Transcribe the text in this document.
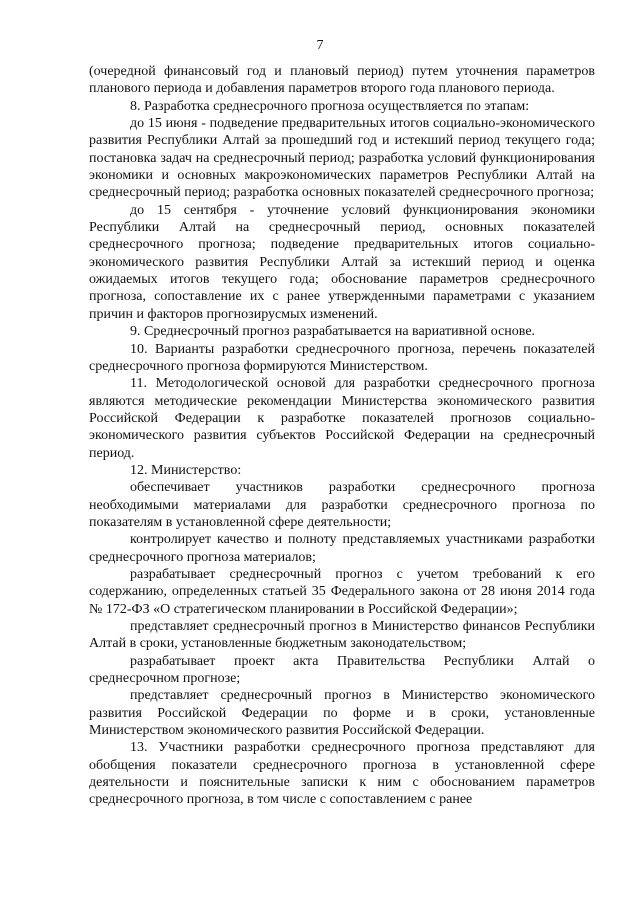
7

(очередной финансовый год и плановый период) путем уточнения параметров планового периода и добавления параметров второго года планового периода.

8. Разработка среднесрочного прогноза осуществляется по этапам:

до 15 июня - подведение предварительных итогов социально-экономического развития Республики Алтай за прошедший год и истекший период текущего года; постановка задач на среднесрочный период; разработка условий функционирования экономики и основных макроэкономических параметров Республики Алтай на среднесрочный период; разработка основных показателей среднесрочного прогноза;

до 15 сентября - уточнение условий функционирования экономики Республики Алтай на среднесрочный период, основных показателей среднесрочного прогноза; подведение предварительных итогов социально-экономического развития Республики Алтай за истекший период и оценка ожидаемых итогов текущего года; обоснование параметров среднесрочного прогноза, сопоставление их с ранее утвержденными параметрами с указанием причин и факторов прогнозирусмых изменений.

9. Среднесрочный прогноз разрабатывается на вариативной основе.

10. Варианты разработки среднесрочного прогноза, перечень показателей среднесрочного прогноза формируются Министерством.

11. Методологической основой для разработки среднесрочного прогноза являются методические рекомендации Министерства экономического развития Российской Федерации к разработке показателей прогнозов социально-экономического развития субъектов Российской Федерации на среднесрочный период.

12. Министерство:

обеспечивает участников разработки среднесрочного прогноза необходимыми материалами для разработки среднесрочного прогноза по показателям в установленной сфере деятельности;

контролирует качество и полноту представляемых участниками разработки среднесрочного прогноза материалов;

разрабатывает среднесрочный прогноз с учетом требований к его содержанию, определенных статьей 35 Федерального закона от 28 июня 2014 года № 172-ФЗ «О стратегическом планировании в Российской Федерации»;

представляет среднесрочный прогноз в Министерство финансов Республики Алтай в сроки, установленные бюджетным законодательством;

разрабатывает проект акта Правительства Республики Алтай о среднесрочном прогнозе;

представляет среднесрочный прогноз в Министерство экономического развития Российской Федерации по форме и в сроки, установленные Министерством экономического развития Российской Федерации.

13. Участники разработки среднесрочного прогноза представляют для обобщения показатели среднесрочного прогноза в установленной сфере деятельности и пояснительные записки к ним с обоснованием параметров среднесрочного прогноза, в том числе с сопоставлением с ранее
